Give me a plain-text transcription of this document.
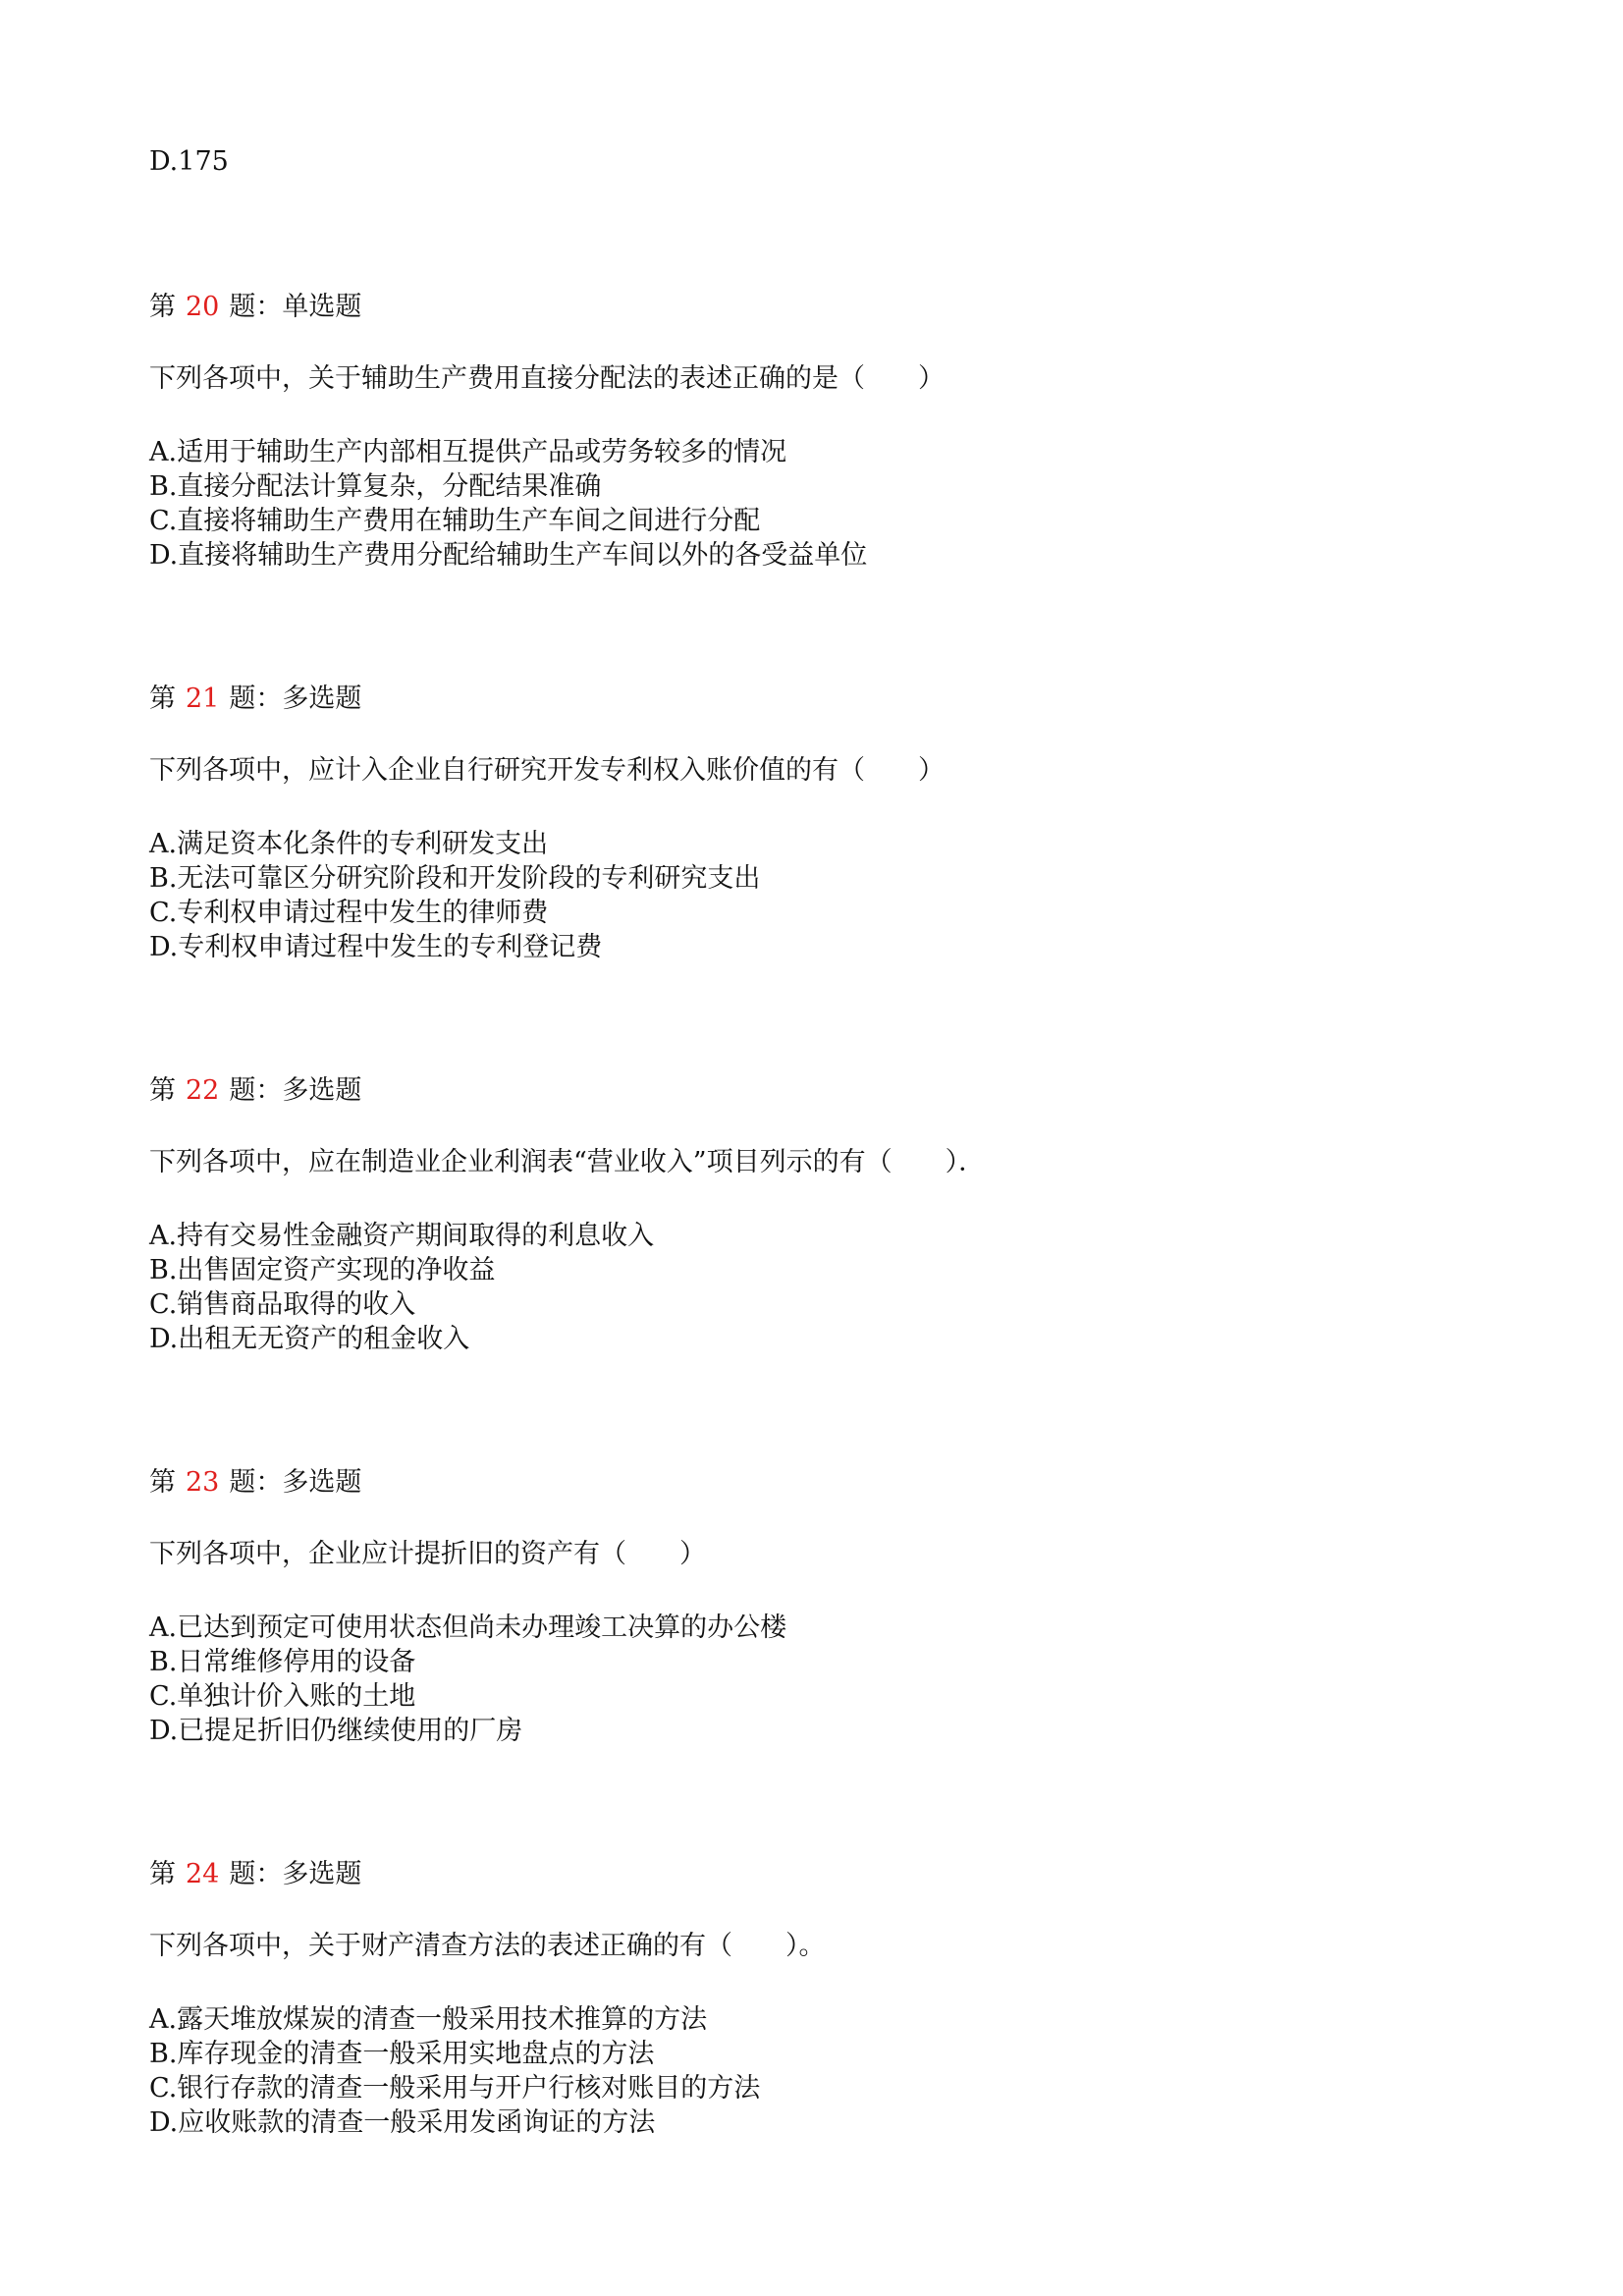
D.175
第 20 题：单选题
下列各项中，关于辅助生产费用直接分配法的表述正确的是（　　）
A.适用于辅助生产内部相互提供产品或劳务较多的情况
B.直接分配法计算复杂，分配结果准确
C.直接将辅助生产费用在辅助生产车间之间进行分配
D.直接将辅助生产费用分配给辅助生产车间以外的各受益单位
第 21 题：多选题
下列各项中，应计入企业自行研究开发专利权入账价值的有（　　）
A.满足资本化条件的专利研发支出
B.无法可靠区分研究阶段和开发阶段的专利研究支出
C.专利权申请过程中发生的律师费
D.专利权申请过程中发生的专利登记费
第 22 题：多选题
下列各项中，应在制造业企业利润表“营业收入”项目列示的有（　　）．
A.持有交易性金融资产期间取得的利息收入
B.出售固定资产实现的净收益
C.销售商品取得的收入
D.出租无无资产的租金收入
第 23 题：多选题
下列各项中，企业应计提折旧的资产有（　　）
A.已达到预定可使用状态但尚未办理竣工决算的办公楼
B.日常维修停用的设备
C.单独计价入账的土地
D.已提足折旧仍继续使用的厂房
第 24 题：多选题
下列各项中，关于财产清查方法的表述正确的有（　　）。
A.露天堆放煤炭的清查一般采用技术推算的方法
B.库存现金的清查一般采用实地盘点的方法
C.银行存款的清查一般采用与开户行核对账目的方法
D.应收账款的清查一般采用发函询证的方法
